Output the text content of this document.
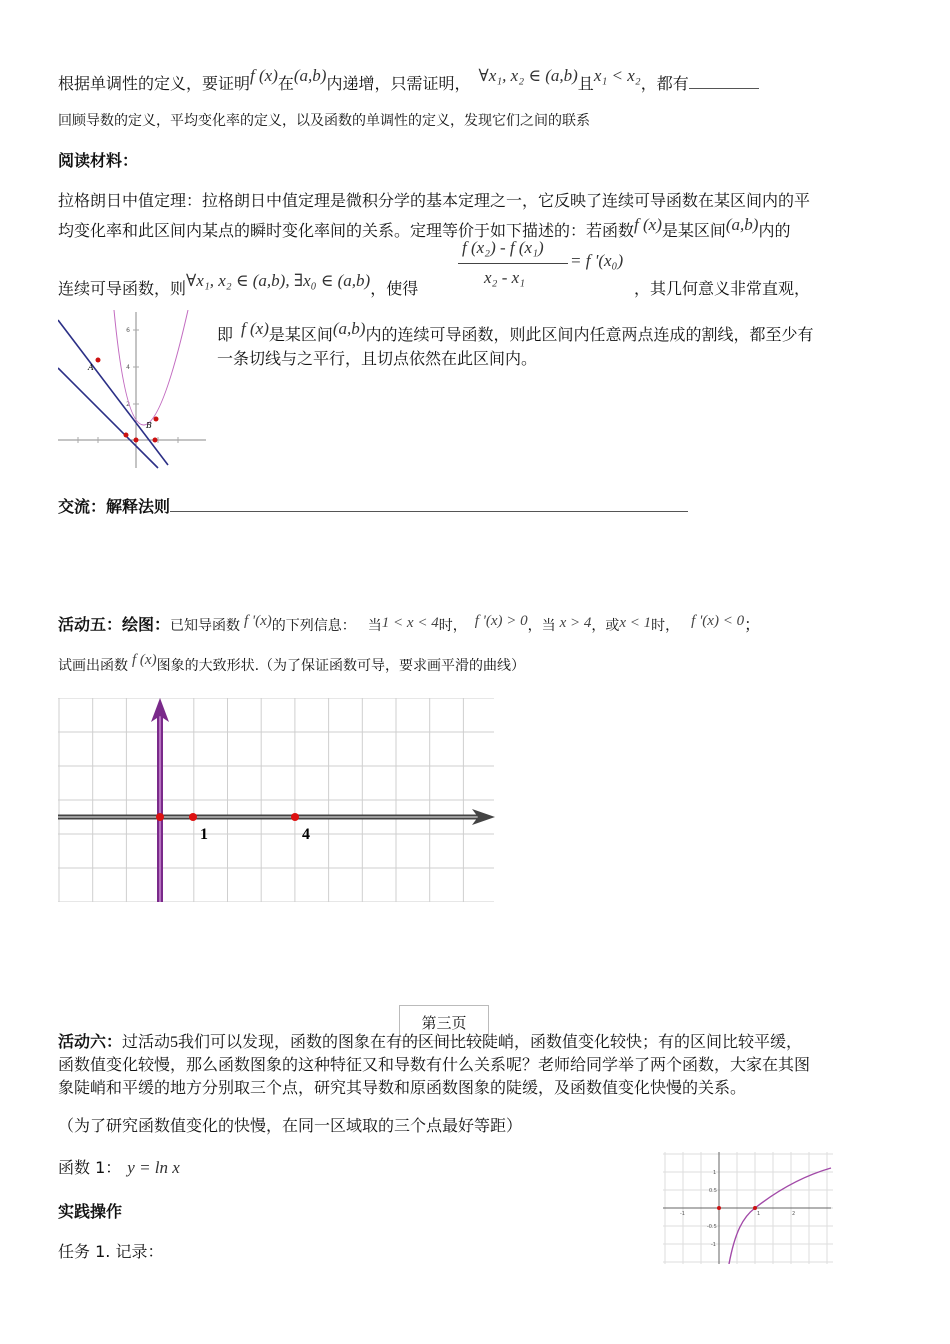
根据单调性的定义，要证明f (x)在(a,b)内递增，只需证明， ∀x₁, x₂ ∈ (a,b)且x₁ < x₂，都有
回顾导数的定义，平均变化率的定义，以及函数的单调性的定义，发现它们之间的联系
阅读材料：
拉格朗日中值定理：拉格朗日中值定理是微积分学的基本定理之一，它反映了连续可导函数在某区间内的平
均变化率和此区间内某点的瞬时变化率间的关系。定理等价于如下描述的：若函数f (x)是某区间(a,b)内的
连续可导函数，则∀x₁, x₂ ∈ (a,b), ∃x₀ ∈ (a,b)，使得
f (x₂) - f (x₁)
x₂ - x₁
= f '(x₀)
，其几何意义非常直观，
6
4
2
A
B
即 f (x)是某区间(a,b)内的连续可导函数，则此区间内任意两点连成的割线，都至少有
一条切线与之平行，且切点依然在此区间内。
交流：解释法则
活动五：绘图：已知导函数 f '(x)的下列信息： 当1 < x < 4时， f '(x) > 0，当 x > 4，或x < 1时， f '(x) < 0；
试画出函数 f (x)图象的大致形状.（为了保证函数可导，要求画平滑的曲线）
1	4
第三页
活动六：过活动5我们可以发现，函数的图象在有的区间比较陡峭，函数值变化较快；有的区间比较平缓，
函数值变化较慢，那么函数图象的这种特征又和导数有什么关系呢？老师给同学举了两个函数，大家在其图
象陡峭和平缓的地方分别取三个点，研究其导数和原函数图象的陡缓，及函数值变化快慢的关系。
（为了研究函数值变化的快慢，在同一区域取的三个点最好等距）
函数 1： y = ln x
实践操作
任务 1. 记录：
-1	1	2
0.5
-0.5
1
-1
